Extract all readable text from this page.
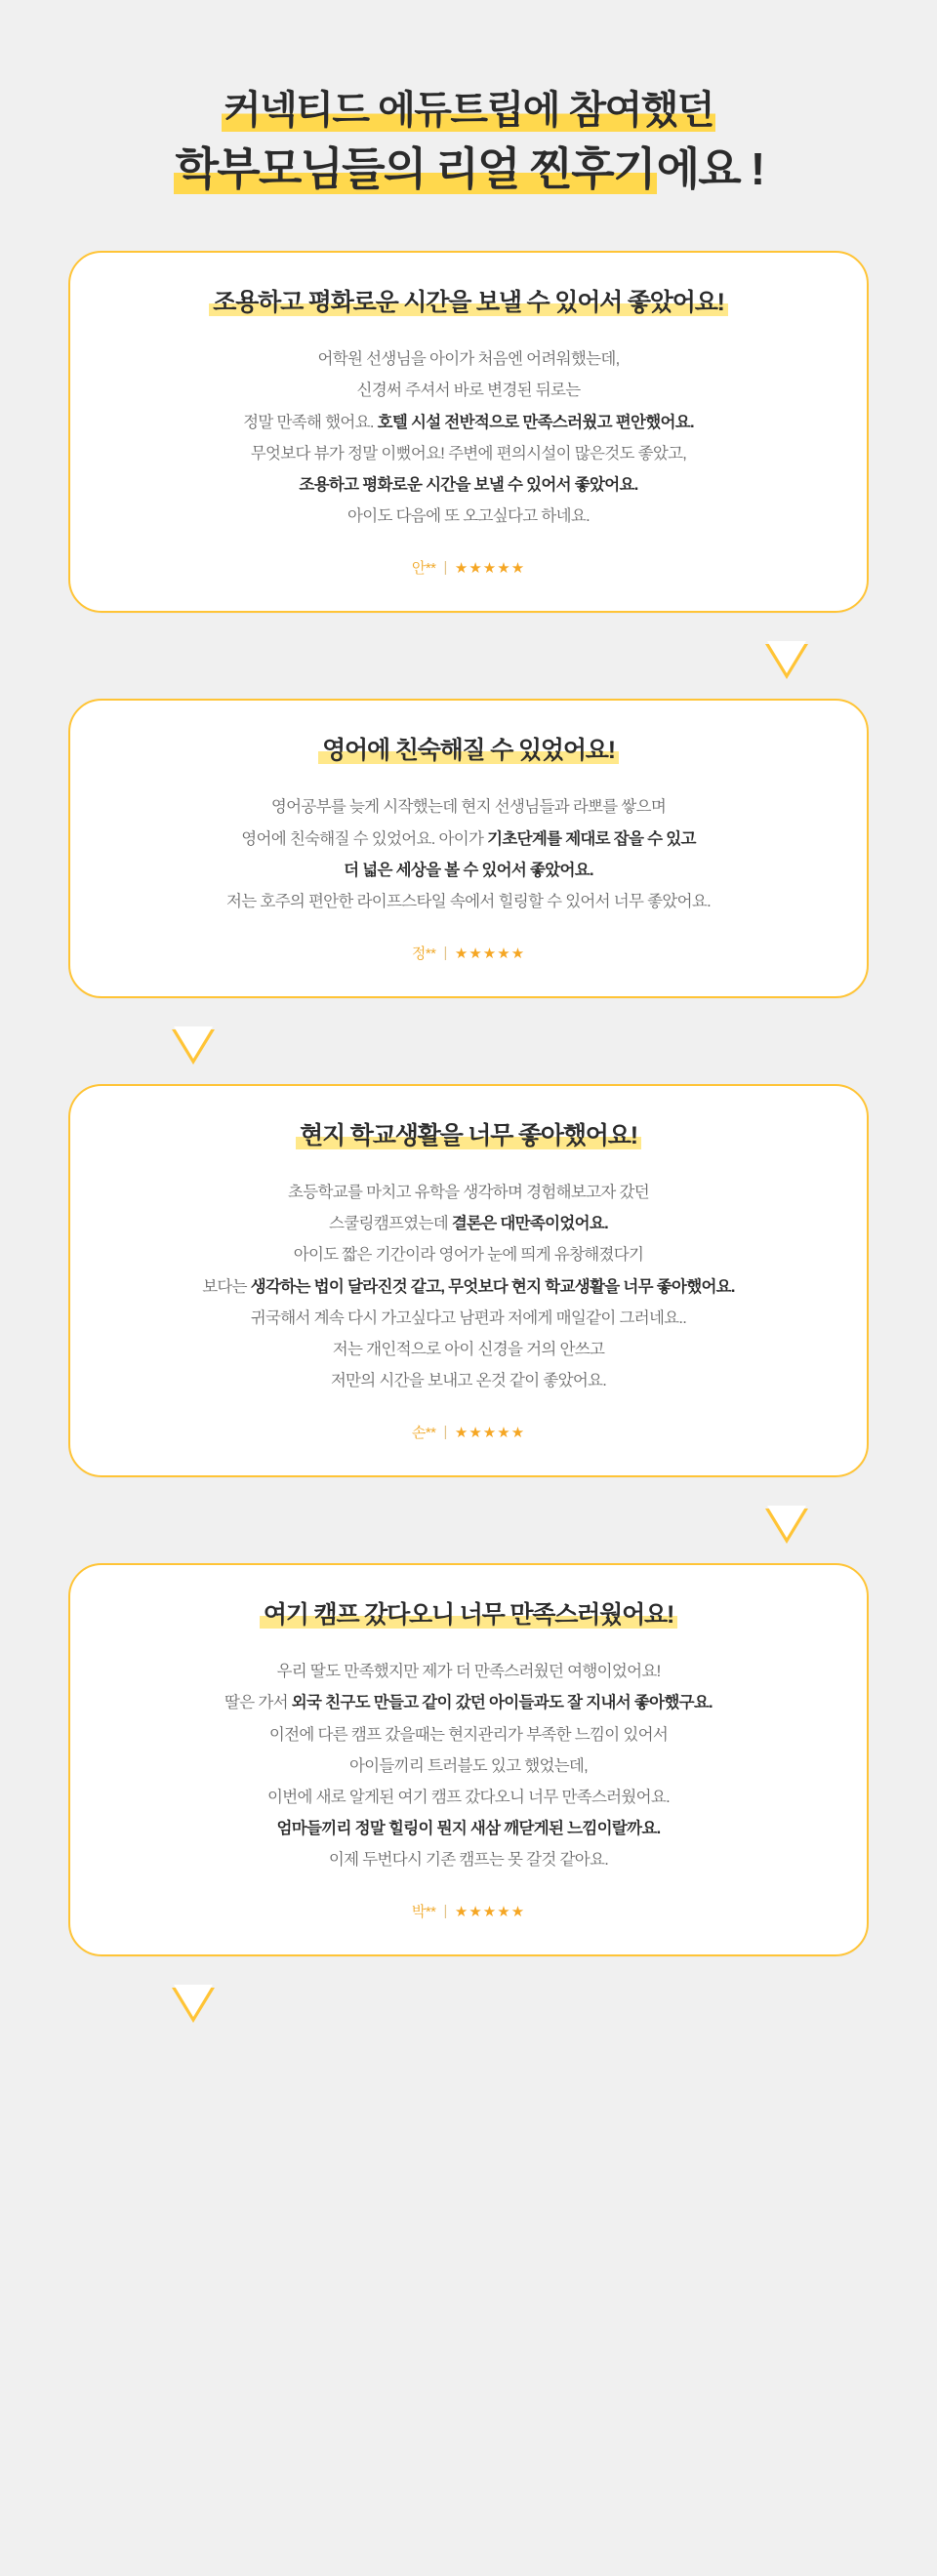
커넥티드 에듀트립에 참여했던
학부모님들의 리얼 찐후기에요 !
조용하고 평화로운 시간을 보낼 수 있어서 좋았어요!
어학원 선생님을 아이가 처음엔 어려워했는데,
신경써 주셔서 바로 변경된 뒤로는
정말 만족해 했어요. 호텔 시설 전반적으로 만족스러웠고 편안했어요.
무엇보다 뷰가 정말 이뻤어요! 주변에 편의시설이 많은것도 좋았고,
조용하고 평화로운 시간을 보낼 수 있어서 좋았어요.
아이도 다음에 또 오고싶다고 하네요.
안** | ★★★★★
영어에 친숙해질 수 있었어요!
영어공부를 늦게 시작했는데 현지 선생님들과 라뽀를 쌓으며
영어에 친숙해질 수 있었어요. 아이가 기초단계를 제대로 잡을 수 있고
더 넓은 세상을 볼 수 있어서 좋았어요.
저는 호주의 편안한 라이프스타일 속에서 힐링할 수 있어서 너무 좋았어요.
정** | ★★★★★
현지 학교생활을 너무 좋아했어요!
초등학교를 마치고 유학을 생각하며 경험해보고자 갔던
스쿨링캠프였는데 결론은 대만족이었어요.
아이도 짧은 기간이라 영어가 눈에 띄게 유창해졌다기
보다는 생각하는 법이 달라진것 같고, 무엇보다 현지 학교생활을 너무 좋아했어요.
귀국해서 계속 다시 가고싶다고 남편과 저에게 매일같이 그러네요..
저는 개인적으로 아이 신경을 거의 안쓰고
저만의 시간을 보내고 온것 같이 좋았어요.
손** | ★★★★★
여기 캠프 갔다오니 너무 만족스러웠어요!
우리 딸도 만족했지만 제가 더 만족스러웠던 여행이었어요!
딸은 가서 외국 친구도 만들고 같이 갔던 아이들과도 잘 지내서 좋아했구요.
이전에 다른 캠프 갔을때는 현지관리가 부족한 느낌이 있어서
아이들끼리 트러블도 있고 했었는데,
이번에 새로 알게된 여기 캠프 갔다오니 너무 만족스러웠어요.
엄마들끼리 정말 힐링이 뭔지 새삼 깨닫게된 느낌이랄까요.
이제 두번다시 기존 캠프는 못 갈것 같아요.
박** | ★★★★★
